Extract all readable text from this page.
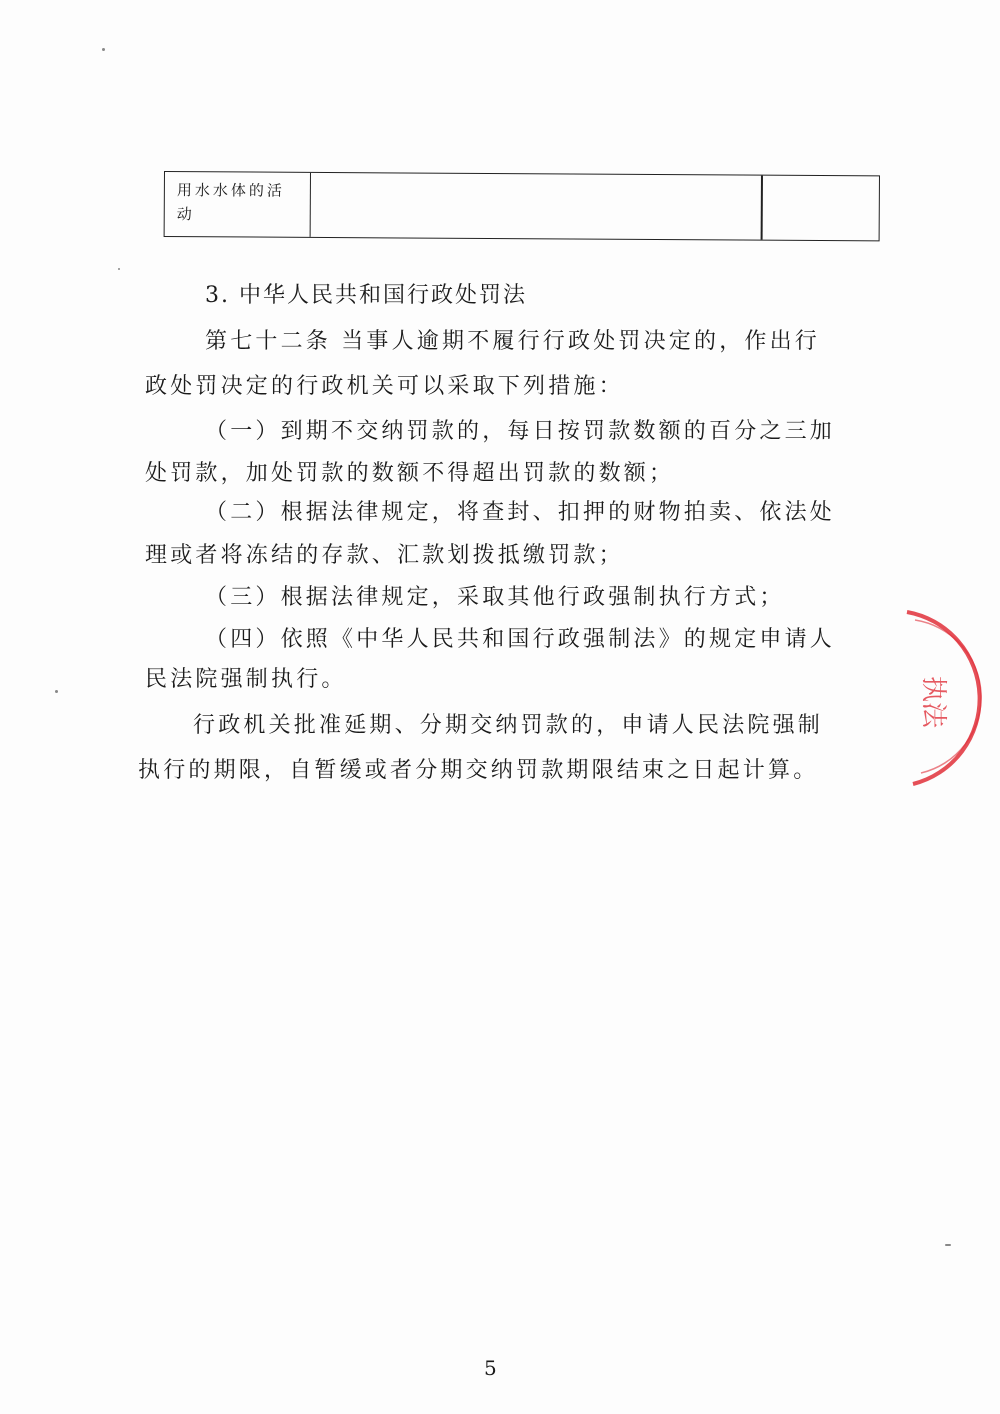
用水水体的活动
3. 中华人民共和国行政处罚法
第七十二条 当事人逾期不履行行政处罚决定的，作出行
政处罚决定的行政机关可以采取下列措施：
（一）到期不交纳罚款的，每日按罚款数额的百分之三加
处罚款，加处罚款的数额不得超出罚款的数额；
（二）根据法律规定，将查封、扣押的财物拍卖、依法处
理或者将冻结的存款、汇款划拨抵缴罚款；
（三）根据法律规定，采取其他行政强制执行方式；
（四）依照《中华人民共和国行政强制法》的规定申请人
民法院强制执行。
行政机关批准延期、分期交纳罚款的，申请人民法院强制
执行的期限，自暂缓或者分期交纳罚款期限结束之日起计算。
执法
5
